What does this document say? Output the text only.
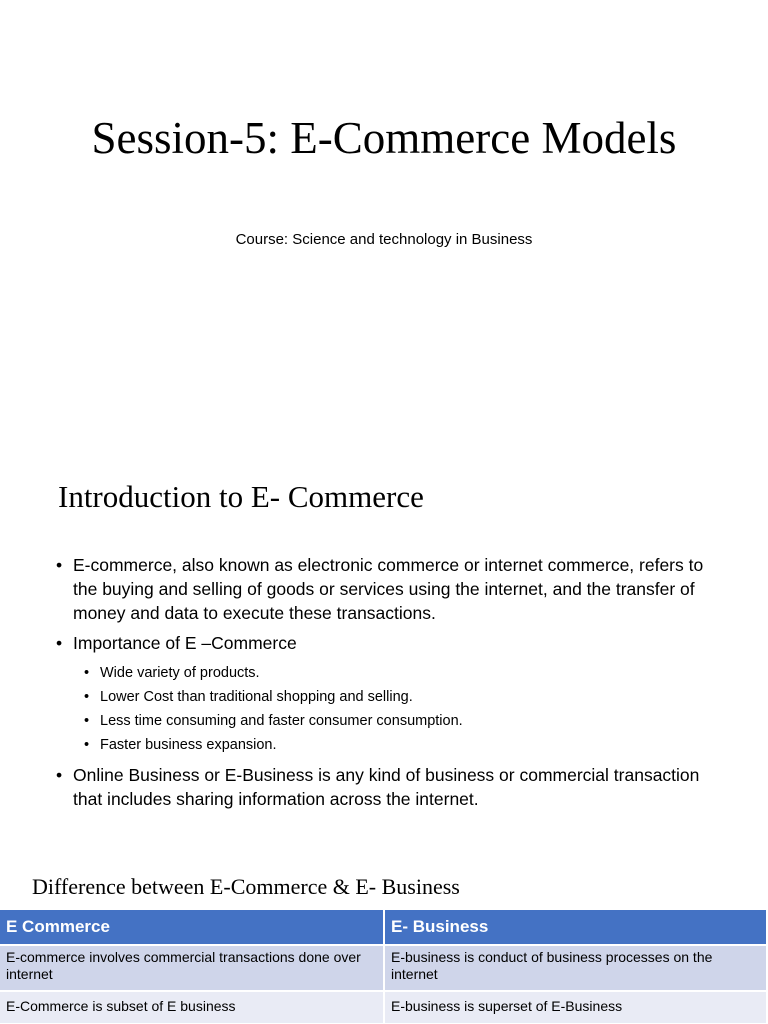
Session-5: E-Commerce Models
Course: Science and technology in Business
Introduction to E- Commerce
• E-commerce, also known as electronic commerce or internet commerce, refers to the buying and selling of goods or services using the internet, and the transfer of money and data to execute these transactions.
• Importance of E –Commerce
• Wide variety of products.
• Lower Cost than traditional shopping and selling.
• Less time consuming and faster consumer consumption.
• Faster business expansion.
• Online Business or E-Business is any kind of business or commercial transaction that includes sharing information across the internet.
Difference between E-Commerce & E- Business
E Commerce	E- Business
E-commerce involves commercial transactions done over internet	E-business is conduct of business processes on the internet
E-Commerce is subset of E business	E-business is superset of E-Business
